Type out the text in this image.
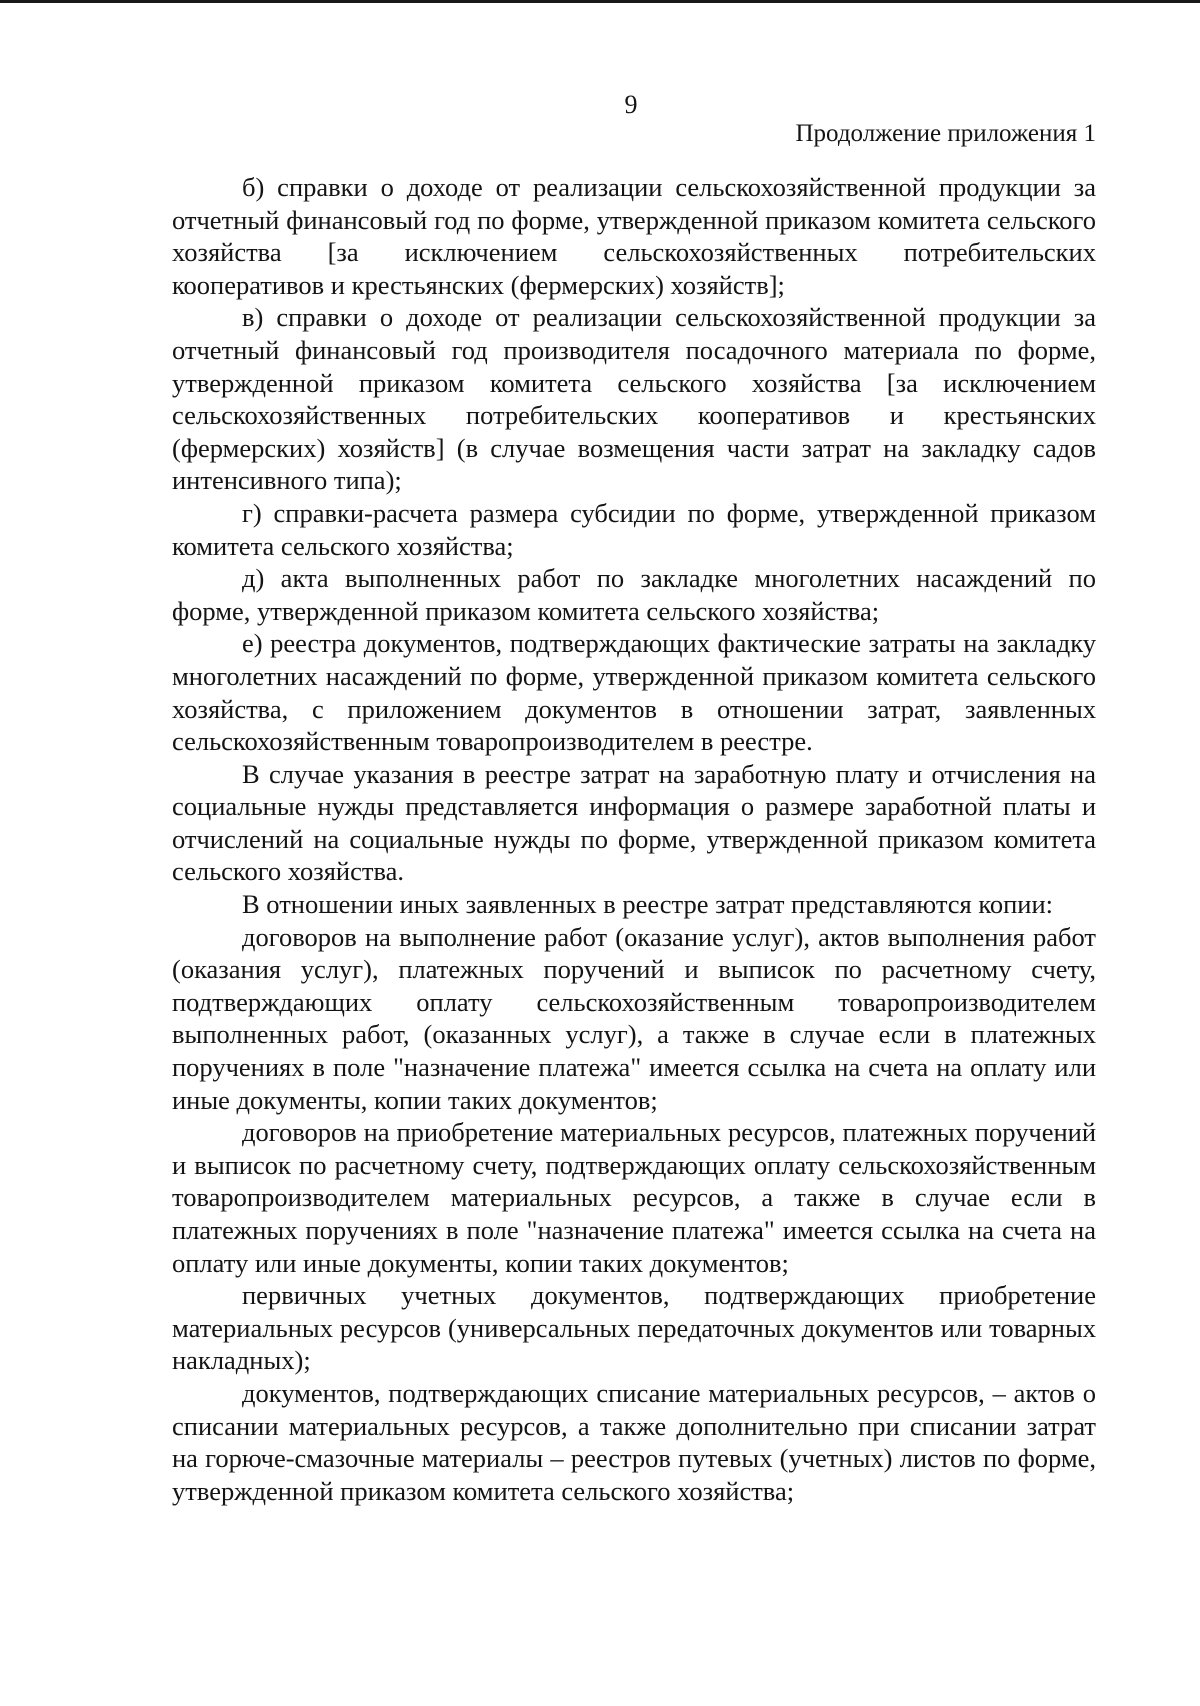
9
Продолжение приложения 1

б) справки о доходе от реализации сельскохозяйственной продукции за отчетный финансовый год по форме, утвержденной приказом комитета сельского хозяйства [за исключением сельскохозяйственных потребительских кооперативов и крестьянских (фермерских) хозяйств];

в) справки о доходе от реализации сельскохозяйственной продукции за отчетный финансовый год производителя посадочного материала по форме, утвержденной приказом комитета сельского хозяйства [за исключением сельскохозяйственных потребительских кооперативов и крестьянских (фермерских) хозяйств] (в случае возмещения части затрат на закладку садов интенсивного типа);

г) справки-расчета размера субсидии по форме, утвержденной приказом комитета сельского хозяйства;

д) акта выполненных работ по закладке многолетних насаждений по форме, утвержденной приказом комитета сельского хозяйства;

е) реестра документов, подтверждающих фактические затраты на закладку многолетних насаждений по форме, утвержденной приказом комитета сельского хозяйства, с приложением документов в отношении затрат, заявленных сельскохозяйственным товаропроизводителем в реестре.

В случае указания в реестре затрат на заработную плату и отчисления на социальные нужды представляется информация о размере заработной платы и отчислений на социальные нужды по форме, утвержденной приказом комитета сельского хозяйства.

В отношении иных заявленных в реестре затрат представляются копии:

договоров на выполнение работ (оказание услуг), актов выполнения работ (оказания услуг), платежных поручений и выписок по расчетному счету, подтверждающих оплату сельскохозяйственным товаропроизводителем выполненных работ, (оказанных услуг), а также в случае если в платежных поручениях в поле "назначение платежа" имеется ссылка на счета на оплату или иные документы, копии таких документов;

договоров на приобретение материальных ресурсов, платежных поручений и выписок по расчетному счету, подтверждающих оплату сельскохозяйственным товаропроизводителем материальных ресурсов, а также в случае если в платежных поручениях в поле "назначение платежа" имеется ссылка на счета на оплату или иные документы, копии таких документов;

первичных учетных документов, подтверждающих приобретение материальных ресурсов (универсальных передаточных документов или товарных накладных);

документов, подтверждающих списание материальных ресурсов, – актов о списании материальных ресурсов, а также дополнительно при списании затрат на горюче-смазочные материалы – реестров путевых (учетных) листов по форме, утвержденной приказом комитета сельского хозяйства;
